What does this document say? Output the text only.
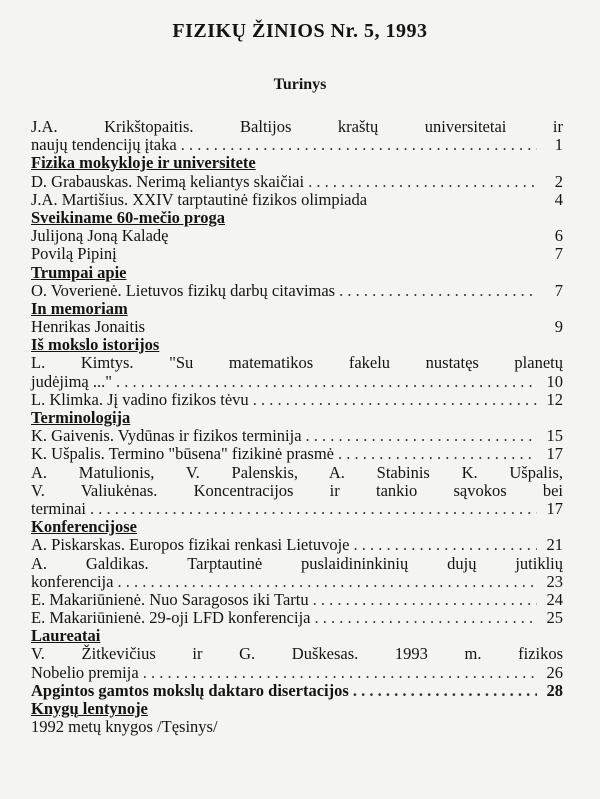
FIZIKŲ ŽINIOS Nr. 5, 1993
Turinys
J.A. Krikštopaitis. Baltijos kraštų universitetai ir
naujų tendencijų įtaka . . .	1
Fizika mokykloje ir universitete
D. Grabauskas. Nerimą keliantys skaičiai . . .	2
J.A. Martišius. XXIV tarptautinė fizikos olimpiada	4
Sveikiname 60-mečio proga
Julijoną Joną Kaladę	6
Povilą Pipinį	7
Trumpai apie
O. Voverienė. Lietuvos fizikų darbų citavimas . . .	7
In memoriam
Henrikas Jonaitis	9
Iš mokslo istorijos
L. Kimtys. "Su matematikos fakelu nustatęs planetų
judėjimą ..." . . .	10
L. Klimka. Jį vadino fizikos tėvu . . .	12
Terminologija
K. Gaivenis. Vydūnas ir fizikos terminija . . .	15
K. Ušpalis. Termino "būsena" fizikinė prasmė . . .	17
A. Matulionis, V. Palenskis, A. Stabinis K. Ušpalis,
V. Valiukėnas. Koncentracijos ir tankio sąvokos bei
terminai . . .	17
Konferencijose
A. Piskarskas. Europos fizikai renkasi Lietuvoje . . .	21
A. Galdikas. Tarptautinė puslaidininkinių dujų jutiklių
konferencija . . .	23
E. Makariūnienė. Nuo Saragosos iki Tartu . . .	24
E. Makariūnienė. 29-oji LFD konferencija . . .	25
Laureatai
V. Žitkevičius ir G. Duškesas. 1993 m. fizikos
Nobelio premija . . .	26
Apgintos gamtos mokslų daktaro disertacijos . . .	28
Knygų lentynoje
1992 metų knygos /Tęsinys/
